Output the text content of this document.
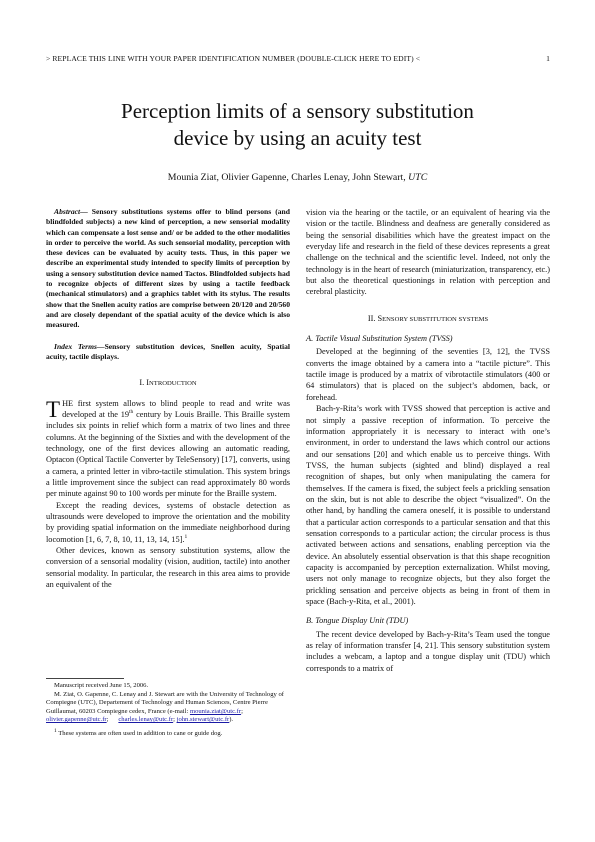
> REPLACE THIS LINE WITH YOUR PAPER IDENTIFICATION NUMBER (DOUBLE-CLICK HERE TO EDIT) <	1
Perception limits of a sensory substitution
device by using an acuity test
Mounia Ziat, Olivier Gapenne, Charles Lenay, John Stewart, UTC

Abstract— Sensory substitutions systems offer to blind persons (and blindfolded subjects) a new kind of perception, a new sensorial modality which can compensate a lost sense and/ or be added to the other modalities in order to perceive the world. As such sensorial modality, perception with these devices can be evaluated by acuity tests. Thus, in this paper we describe an experimental study intended to specify limits of perception by using a sensory substitution device named Tactos. Blindfolded subjects had to recognize objects of different sizes by using a tactile feedback (mechanical stimulators) and a graphics tablet with its stylus. The results show that the Snellen acuity ratios are comprise between 20/120 and 20/560 and are closely dependant of the spatial acuity of the device which is also measured.

Index Terms—Sensory substitution devices, Snellen acuity, Spatial acuity, tactile displays.

I. INTRODUCTION

THE first system allows to blind people to read and write was developed at the 19th century by Louis Braille. This Braille system includes six points in relief which form a matrix of two lines and three columns. At the beginning of the Sixties and with the development of the technology, one of the first devices allowing an automatic reading, Optacon (Optical Tactile Converter by TeleSensory) [17], converts, using a camera, a printed letter in vibro-tactile stimulation. This system brings a little improvement since the subject can read approximately 80 words per minute against 90 to 100 words per minute for the Braille system.

Except the reading devices, systems of obstacle detection as ultrasounds were developed to improve the orientation and the mobility by providing spatial information on the immediate neighborhood during locomotion [1, 6, 7, 8, 10, 11, 13, 14, 15].$^1$

Other devices, known as sensory substitution systems, allow the conversion of a sensorial modality (vision, audition, tactile) into another sensorial modality. In particular, the research in this area aims to provide an equivalent of the

Manuscript received June 15, 2006.

M. Ziat, O. Gapenne, C. Lenay and J. Stewart are with the University of Technology of Compiegne (UTC), Departement of Technology and Human Sciences, Centre Pierre Guillaumat, 60203 Compiegne cedex, France (e-mail: mounia.ziat@utc.fr;      olivier.gapenne@utc.fr;      charles.lenay@utc.fr; john.stewart@utc.fr).

$^1$ These systems are often used in addition to cane or guide dog.

vision via the hearing or the tactile, or an equivalent of hearing via the vision or the tactile. Blindness and deafness are generally considered as being the sensorial disabilities which have the greatest impact on the everyday life and research in the field of these devices represents a great challenge on the technical and the scientific level. Indeed, not only the technology is in the heart of research (miniaturization, transparency, etc.) but also the theoretical questionings in relation with perception and cerebral plasticity.

II. SENSORY SUBSTITUTION SYSTEMS

A. Tactile Visual Substitution System (TVSS)

Developed at the beginning of the seventies [3, 12], the TVSS converts the image obtained by a camera into a “tactile picture”. This tactile image is produced by a matrix of vibrotactile stimulators (400 or 64 stimulators) that is placed on the subject’s abdomen, back, or forehead.

Bach-y-Rita’s work with TVSS showed that perception is active and not simply a passive reception of information. To perceive the information appropriately it is necessary to interact with one’s environment, in order to understand the laws which control our actions and our sensations [20] and which enable us to perceive things. With TVSS, the human subjects (sighted and blind) displayed a real recognition of shapes, but only when manipulating the camera for themselves. If the camera is fixed, the subject feels a prickling sensation on the skin, but is not able to describe the object “visualized”. On the other hand, by handling the camera oneself, it is possible to understand that a particular action corresponds to a particular sensation and that this sensation corresponds to a particular action; the circular process is thus activated between actions and sensations, enabling perception via the device. An absolutely essential observation is that this shape recognition capacity is accompanied by perception externalization. Whilst moving, users not only manage to recognize objects, but they also forget the prickling sensation and perceive objects as being in front of them in space (Bach-y-Rita, et al., 2001).

B. Tongue Display Unit (TDU)

The recent device developed by Bach-y-Rita’s Team used the tongue as relay of information transfer [4, 21]. This sensory substitution system includes a webcam, a laptop and a tongue display unit (TDU) which corresponds to a matrix of
